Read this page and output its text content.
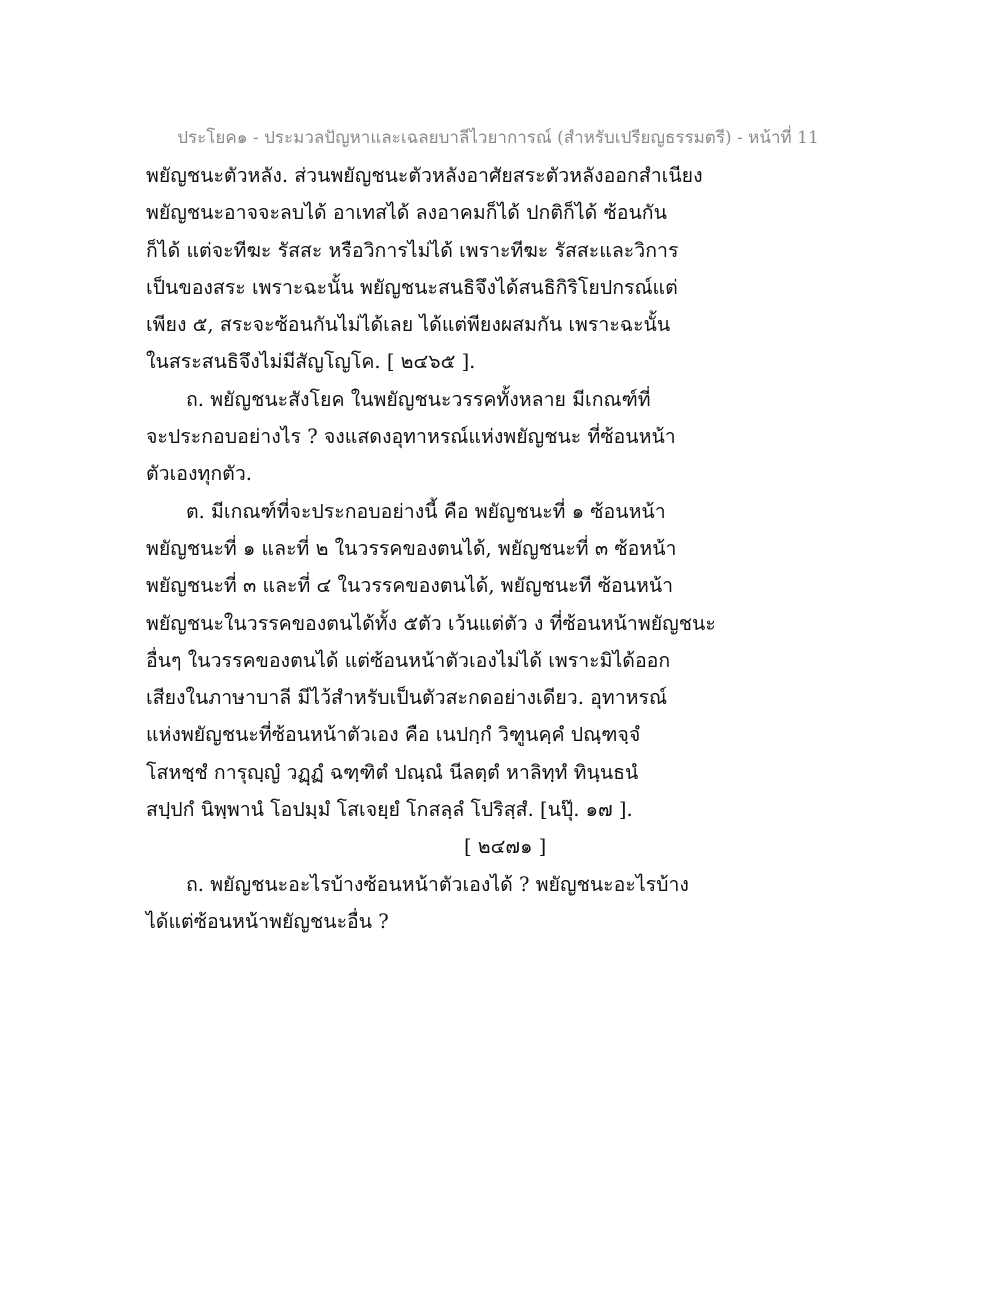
ประโยค๑ - ประมวลปัญหาและเฉลยบาลีไวยาการณ์ (สำหรับเปรียญธรรมตรี) - หน้าที่ 11
พยัญชนะตัวหลัง. ส่วนพยัญชนะตัวหลังอาศัยสระตัวหลังออกสำเนียง
พยัญชนะอาจจะลบได้ อาเทสได้ ลงอาคมก็ได้ ปกติก็ได้ ซ้อนกัน
ก็ได้ แต่จะทีฆะ รัสสะ หรือวิการไม่ได้ เพราะทีฆะ รัสสะและวิการ
เป็นของสระ เพราะฉะนั้น พยัญชนะสนธิจึงได้สนธิกิริโยปกรณ์แต่
เพียง ๕, สระจะซ้อนกันไม่ได้เลย ได้แต่พียงผสมกัน เพราะฉะนั้น
ในสระสนธิจึงไม่มีสัญโญโค. [ ๒๔๖๕ ].
ถ. พยัญชนะสังโยค ในพยัญชนะวรรคทั้งหลาย มีเกณฑ์ที่
จะประกอบอย่างไร ? จงแสดงอุทาหรณ์แห่งพยัญชนะ ที่ซ้อนหน้า
ตัวเองทุกตัว.
ต. มีเกณฑ์ที่จะประกอบอย่างนี้ คือ พยัญชนะที่ ๑ ซ้อนหน้า
พยัญชนะที่ ๑ และที่ ๒ ในวรรคของตนได้, พยัญชนะที่ ๓ ซ้อหน้า
พยัญชนะที่ ๓ และที่ ๔ ในวรรคของตนได้, พยัญชนะที ซ้อนหน้า
พยัญชนะในวรรคของตนได้ทั้ง ๕ตัว เว้นแต่ตัว ง ที่ซ้อนหน้าพยัญชนะ
อื่นๆ ในวรรคของตนได้ แต่ซ้อนหน้าตัวเองไม่ได้ เพราะมิได้ออก
เสียงในภาษาบาลี มีไว้สำหรับเป็นตัวสะกดอย่างเดียว. อุทาหรณ์
แห่งพยัญชนะที่ซ้อนหน้าตัวเอง คือ เนปกฺกํ วิฑูนคฺคํ ปณฺฑจฺจํ
โสหชฺชํ การุญฺญํ วฏฺฏํ ฉฑฺฑิตํ ปณฺณํ นีลตฺตํ หาลิทฺทํ ทินฺนธนํ
สปฺปกํ นิพฺพานํ โอปมฺมํ โสเจยฺยํ โกสลฺลํ โปริสฺสํ. [นปุ๊. ๑๗ ].
[ ๒๔๗๑ ]
ถ. พยัญชนะอะไรบ้างซ้อนหน้าตัวเองได้ ? พยัญชนะอะไรบ้าง
ได้แต่ซ้อนหน้าพยัญชนะอื่น ?
